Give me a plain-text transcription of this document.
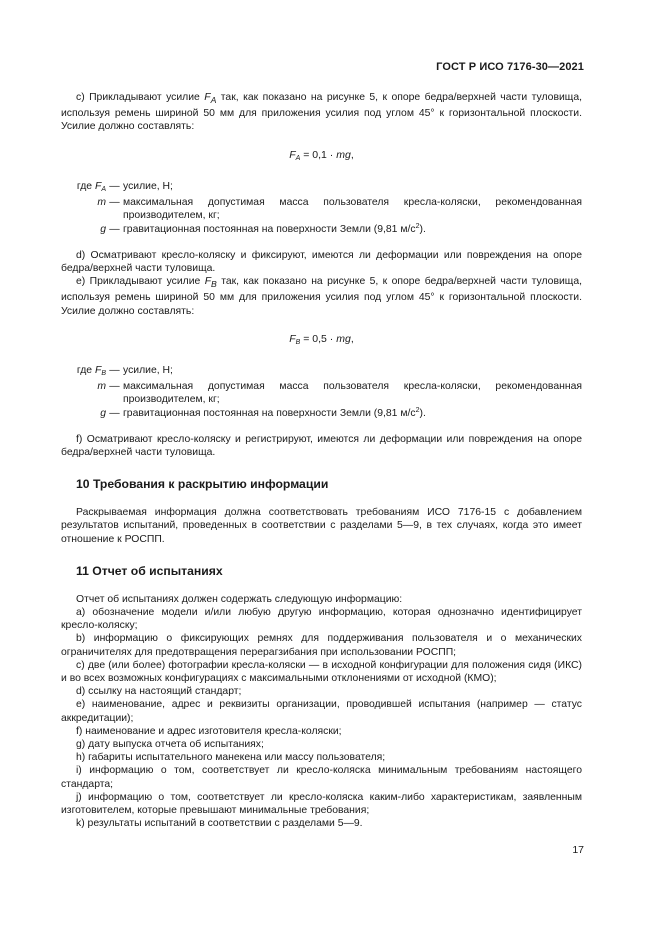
ГОСТ Р ИСО 7176-30—2021

c) Прикладывают усилие $F_A$ так, как показано на рисунке 5, к опоре бедра/верхней части туловища, используя ремень шириной 50 мм для приложения усилия под углом 45° к горизонтальной плоскости. Усилие должно составлять:

$F_A = 0,1$ · mg,
где $F_A$ — усилие, Н;
m — максимальная допустимая масса пользователя кресла-коляски, рекомендованная производителем, кг;
g — гравитационная постоянная на поверхности Земли (9,81 $м/с^2$).

d) Осматривают кресло-коляску и фиксируют, имеются ли деформации или повреждения на опоре бедра/верхней части туловища.

e) Прикладывают усилие $F_B$ так, как показано на рисунке 5, к опоре бедра/верхней части туловища, используя ремень шириной 50 мм для приложения усилия под углом 45° к горизонтальной плоскости. Усилие должно составлять:

$F_B = 0,5$ · mg,
где $F_B$ — усилие, Н;
m — максимальная допустимая масса пользователя кресла-коляски, рекомендованная производителем, кг;
g — гравитационная постоянная на поверхности Земли (9,81 $м/с^2$).

f) Осматривают кресло-коляску и регистрируют, имеются ли деформации или повреждения на опоре бедра/верхней части туловища.

10 Требования к раскрытию информации

Раскрываемая информация должна соответствовать требованиям ИСО 7176-15 с добавлением результатов испытаний, проведенных в соответствии с разделами 5—9, в тех случаях, когда это имеет отношение к РОСПП.

11 Отчет об испытаниях

Отчет об испытаниях должен содержать следующую информацию:

a) обозначение модели и/или любую другую информацию, которая однозначно идентифицирует кресло-коляску;

b) информацию о фиксирующих ремнях для поддерживания пользователя и о механических ограничителях для предотвращения перерагзибания при использовании РОСПП;

c) две (или более) фотографии кресла-коляски — в исходной конфигурации для положения сидя (ИКС) и во всех возможных конфигурациях с максимальными отклонениями от исходной (КМО);

d) ссылку на настоящий стандарт;

e) наименование, адрес и реквизиты организации, проводившей испытания (например — статус аккредитации);

f) наименование и адрес изготовителя кресла-коляски;

g) дату выпуска отчета об испытаниях;

h) габариты испытательного манекена или массу пользователя;

i) информацию о том, соответствует ли кресло-коляска минимальным требованиям настоящего стандарта;

j) информацию о том, соответствует ли кресло-коляска каким-либо характеристикам, заявленным изготовителем, которые превышают минимальные требования;

k) результаты испытаний в соответствии с разделами 5—9.

17
